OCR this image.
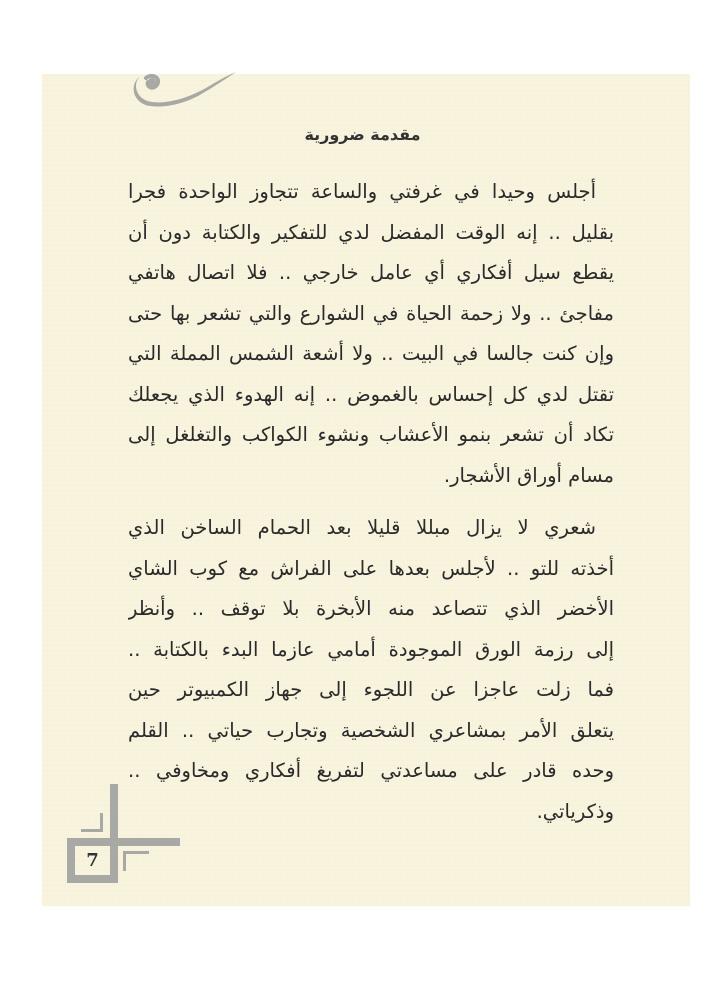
مقدمة ضرورية
أجلس وحيدا في غرفتي والساعة تتجاوز الواحدة فجرا
بقليل .. إنه الوقت المفضل لدي للتفكير والكتابة دون أن
يقطع سيل أفكاري أي عامل خارجي .. فلا اتصال هاتفي
مفاجئ .. ولا زحمة الحياة في الشوارع والتي تشعر بها حتى
وإن كنت جالسا في البيت .. ولا أشعة الشمس المملة التي
تقتل لدي كل إحساس بالغموض .. إنه الهدوء الذي يجعلك
تكاد أن تشعر بنمو الأعشاب ونشوء الكواكب والتغلغل إلى
مسام أوراق الأشجار.
شعري لا يزال مبللا قليلا بعد الحمام الساخن الذي
أخذته للتو .. لأجلس بعدها على الفراش مع كوب الشاي
الأخضر الذي تتصاعد منه الأبخرة بلا توقف .. وأنظر
إلى رزمة الورق الموجودة أمامي عازما البدء بالكتابة ..
فما زلت عاجزا عن اللجوء إلى جهاز الكمبيوتر حين
يتعلق الأمر بمشاعري الشخصية وتجارب حياتي .. القلم
وحده قادر على مساعدتي لتفريغ أفكاري ومخاوفي ..
وذكرياتي.
7
